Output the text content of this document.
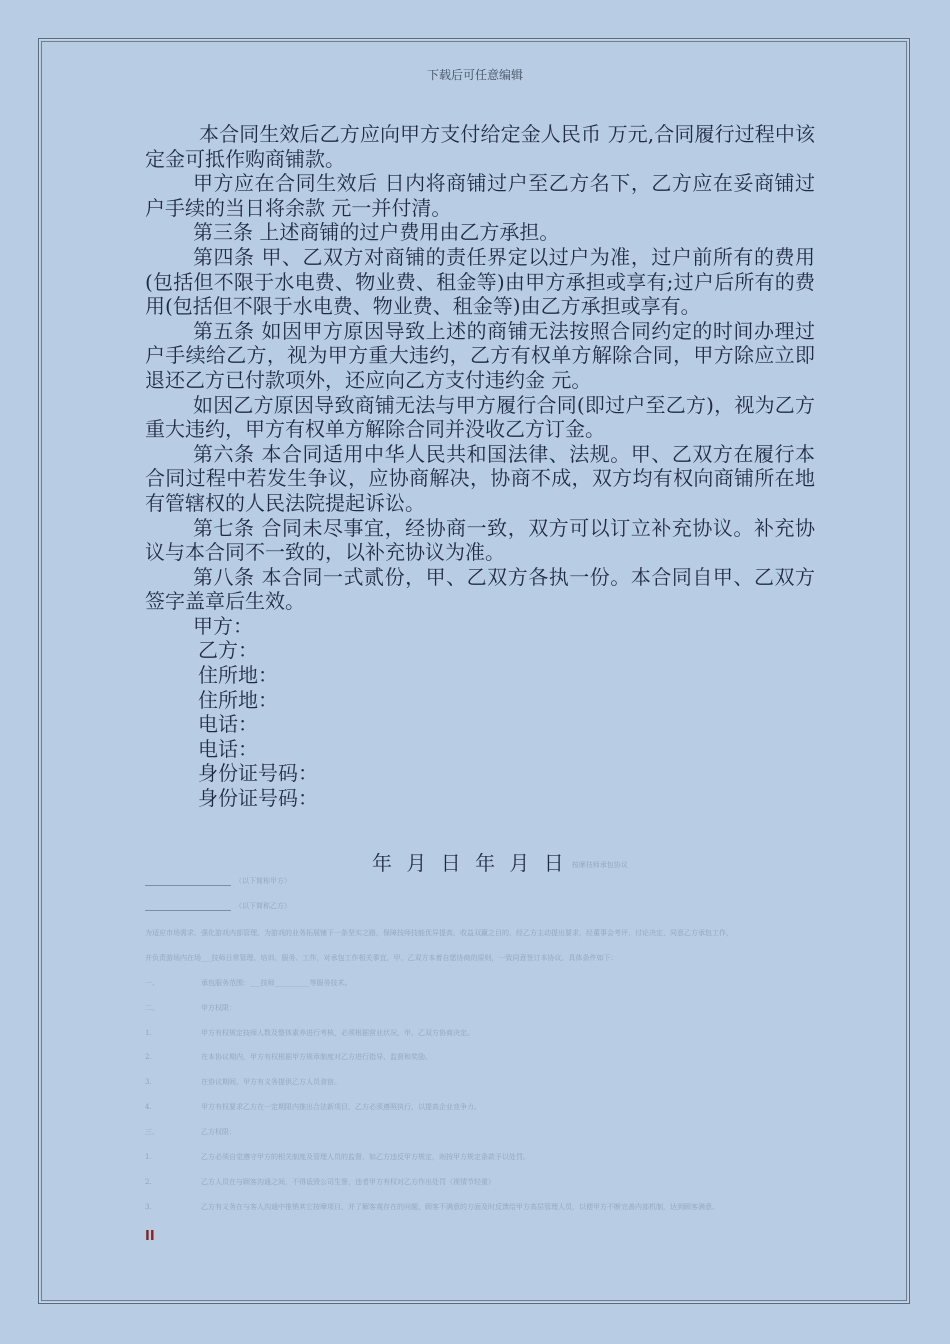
下载后可任意编辑

本合同生效后乙方应向甲方支付给定金人民币 万元,合同履行过程中该定金可抵作购商铺款。

甲方应在合同生效后 日内将商铺过户至乙方名下，乙方应在妥商铺过户手续的当日将余款 元一并付清。

第三条 上述商铺的过户费用由乙方承担。

第四条 甲、乙双方对商铺的责任界定以过户为准，过户前所有的费用(包括但不限于水电费、物业费、租金等)由甲方承担或享有;过户后所有的费用(包括但不限于水电费、物业费、租金等)由乙方承担或享有。

第五条 如因甲方原因导致上述的商铺无法按照合同约定的时间办理过户手续给乙方，视为甲方重大违约，乙方有权单方解除合同，甲方除应立即退还乙方已付款项外，还应向乙方支付违约金 元。

如因乙方原因导致商铺无法与甲方履行合同(即过户至乙方)，视为乙方重大违约，甲方有权单方解除合同并没收乙方订金。

第六条 本合同适用中华人民共和国法律、法规。甲、乙双方在履行本合同过程中若发生争议，应协商解决，协商不成，双方均有权向商铺所在地有管辖权的人民法院提起诉讼。

第七条 合同未尽事宜，经协商一致，双方可以订立补充协议。补充协议与本合同不一致的，以补充协议为准。

第八条 本合同一式贰份，甲、乙双方各执一份。本合同自甲、乙双方签字盖章后生效。

甲方：
乙方：
住所地：
住所地：
电话：
电话：
身份证号码：
身份证号码：
年 月 日 年 月 日 按摩技师承包协议
（以下简称甲方）
（以下简称乙方）
为适应市场需求，强化游戏内部管理，为游戏的业务拓展铺下一条坚实之路，保障技师技能优异提高，收益双赢之目的，经乙方主动提出要求，经董事会考评，讨论决定，同意乙方承包工作，
并负责游场内在场___技师日常管理、培训、服务、工作，对承包工作相关事宜，甲、乙双方本着自愿协商的原则，一致同意签订本协议，具体条件如下：
一、	承包服务范围：___技师__________等服务技术。
二、	甲方权限：
1.	甲方有权规定技师人数及整体素养进行考核，必须根据营业状况，甲、乙双方协商决定。
2.	在本协议期内，甲方有权根据甲方规章制度对乙方进行指导、监督和奖励。
3.	在协议期间，甲方有义务提供乙方人员食宿。
4.	甲方有权要求乙方在一定期限内推出合法新项目，乙方必须遵照执行，以提高企业竞争力。
三、	乙方权限：
1.	乙方必须自觉遵守甲方的相关制度及管理人员的监督，如乙方违反甲方规定，则按甲方规定条款予以处罚。
2.	乙方人员在与顾客沟通之间，不得诋毁公司生誉，违者甲方有权对乙方作出处罚（视情节轻重）
3.	乙方有义务在与客人沟通中推销其它按摩项目，并了解客观存在的问题，顾客不满意的方面及时反馈给甲方高层管理人员，以便甲方不断完善内部机制，达到顾客满意。
II
